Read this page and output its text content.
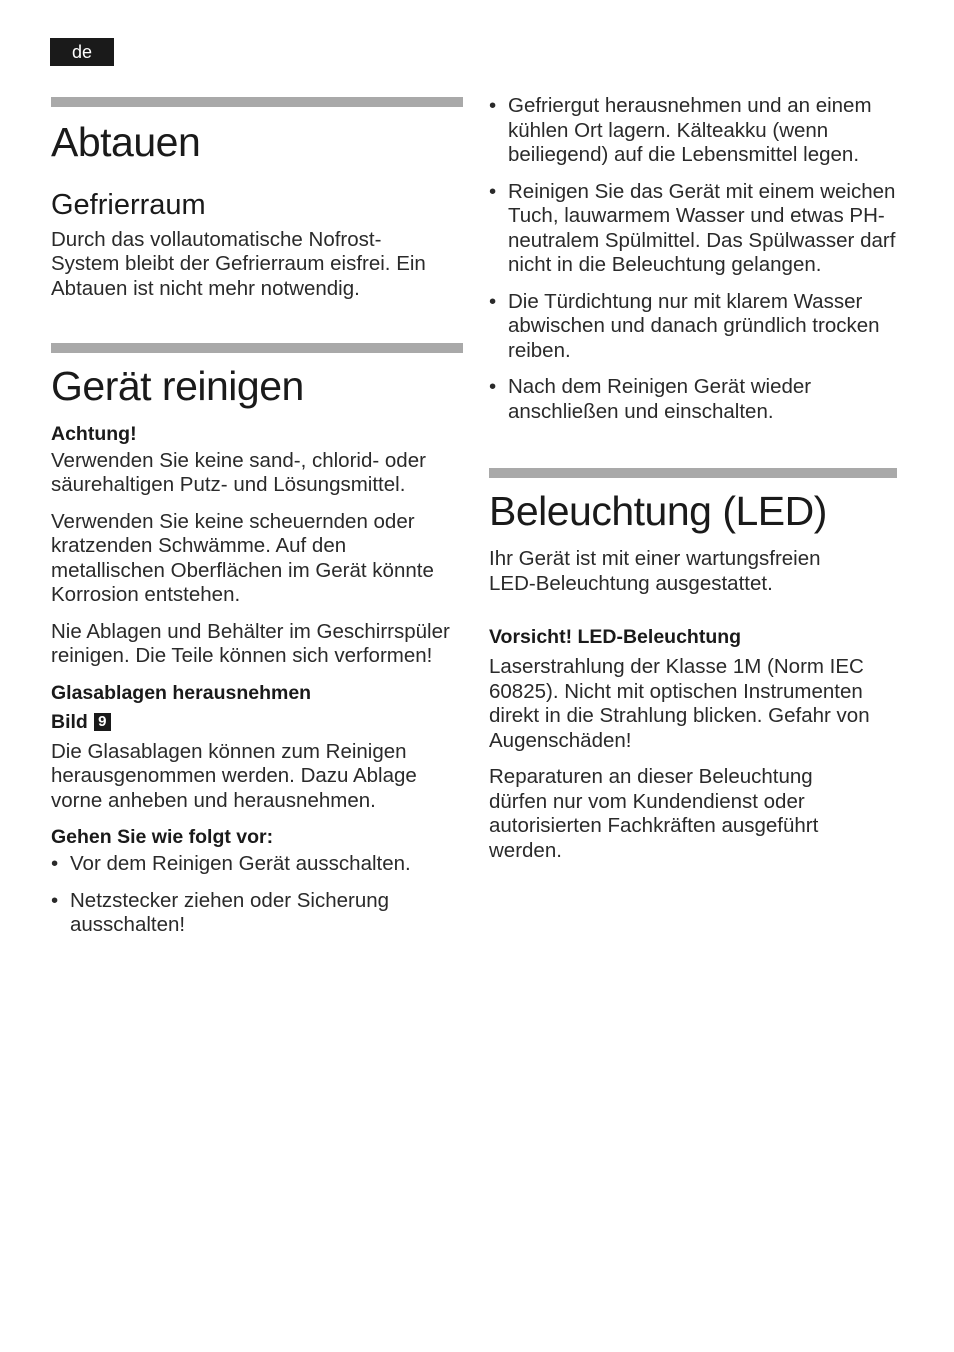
de
Abtauen
Gefrierraum

Durch das vollautomatische Nofrost-System bleibt der Gefrierraum eisfrei. Ein Abtauen ist nicht mehr notwendig.

Gerät reinigen
Achtung!

Verwenden Sie keine sand-, chlorid- oder säurehaltigen Putz- und Lösungsmittel.

Verwenden Sie keine scheuernden oder kratzenden Schwämme. Auf den metallischen Oberflächen im Gerät könnte Korrosion entstehen.

Nie Ablagen und Behälter im Geschirrspüler reinigen. Die Teile können sich verformen!

Glasablagen herausnehmen
Bild 9

Die Glasablagen können zum Reinigen herausgenommen werden. Dazu Ablage vorne anheben und herausnehmen.

Gehen Sie wie folgt vor:
• Vor dem Reinigen Gerät ausschalten.
• Netzstecker ziehen oder Sicherung ausschalten!
• Gefriergut herausnehmen und an einem kühlen Ort lagern. Kälteakku (wenn beiliegend) auf die Lebensmittel legen.
• Reinigen Sie das Gerät mit einem weichen Tuch, lauwarmem Wasser und etwas PH-neutralem Spülmittel. Das Spülwasser darf nicht in die Beleuchtung gelangen.
• Die Türdichtung nur mit klarem Wasser abwischen und danach gründlich trocken reiben.
• Nach dem Reinigen Gerät wieder anschließen und einschalten.
Beleuchtung (LED)

Ihr Gerät ist mit einer wartungsfreien LED-Beleuchtung ausgestattet.

Vorsicht! LED-Beleuchtung

Laserstrahlung der Klasse 1M (Norm IEC 60825). Nicht mit optischen Instrumenten direkt in die Strahlung blicken. Gefahr von Augenschäden!

Reparaturen an dieser Beleuchtung dürfen nur vom Kundendienst oder autorisierten Fachkräften ausgeführt werden.
